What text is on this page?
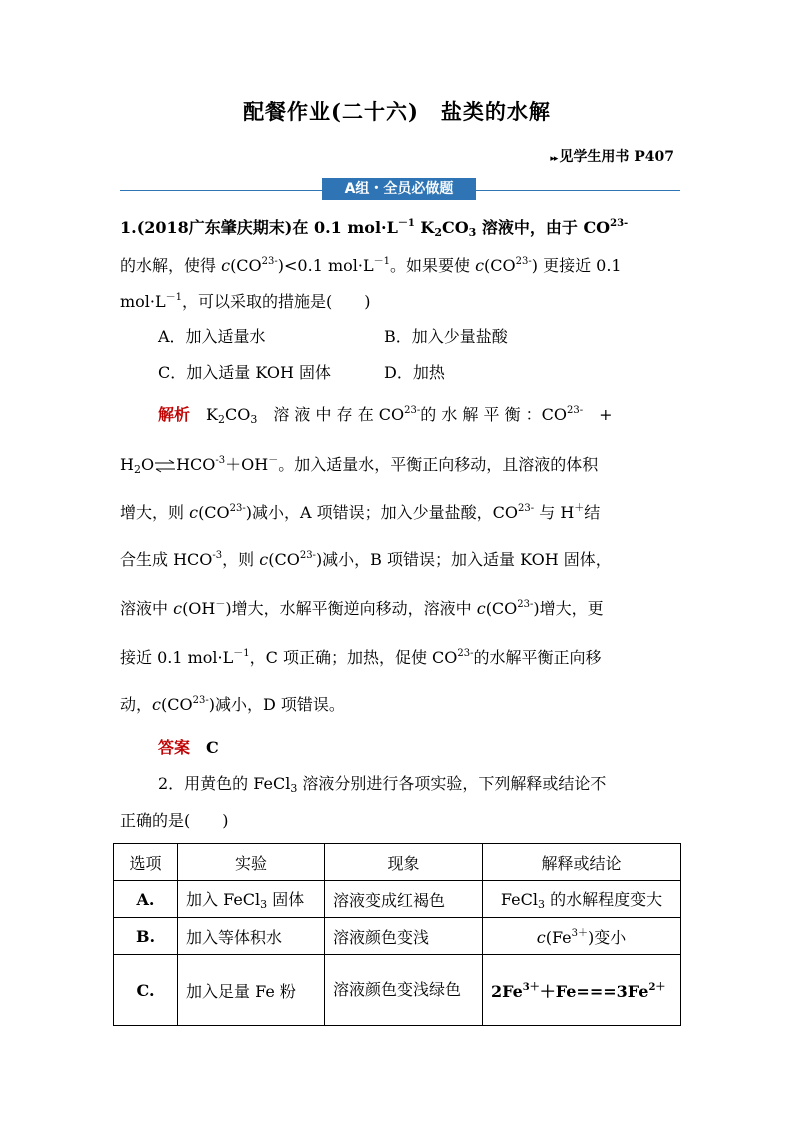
配餐作业(二十六)　盐类的水解
▸▸ 见学生用书 P407
A组・全员必做题
1.(2018广东肇庆期末)在 0.1 $mol\cdot L^{-1}$ $K_2CO_3$ 溶液中，由于 $CO^{23-}$
的水解，使得 $c(CO^{23-})<0.1$ $mol\cdot L^{-1}$。如果要使 $c(CO^{23-})$ 更接近 0.1
$mol\cdot L^{-1}$，可以采取的措施是(　　)
A．加入适量水	B．加入少量盐酸
C．加入适量 KOH 固体	D．加热
解析　$K_2CO_3$　溶 液 中 存 在 $CO^{23-}$的 水 解 平 衡 ：$CO^{23-}$　+
$H_2O\rightleftharpoons HCO^{-3}+OH^-$。加入适量水，平衡正向移动，且溶液的体积
增大，则 $c(CO^{23-})$减小，A 项错误；加入少量盐酸，$CO^{23-}$ 与 H＋结
合生成 $HCO^{-3}$，则 $c(CO^{23-})$减小，B 项错误；加入适量 KOH 固体，
溶液中 c(OH－)增大，水解平衡逆向移动，溶液中 $c(CO^{23-})$增大，更
接近 0.1 $mol\cdot L^{-1}$，C 项正确；加热，促使 $CO^{23-}$的水解平衡正向移
动，$c(CO^{23-})$减小，D 项错误。
答案　C
2．用黄色的 FeCl$_3$ 溶液分别进行各项实验，下列解释或结论不
正确的是(　　)
选项	实验	现象	解释或结论
A.	加入 FeCl$_3$ 固体	溶液变成红褐色	FeCl$_3$ 的水解程度变大
B.	加入等体积水	溶液颜色变浅	$c(Fe^{3+})$变小
C.	加入足量 Fe 粉	溶液颜色变浅绿色	$2Fe^{3+}+Fe===3Fe^{2+}$
